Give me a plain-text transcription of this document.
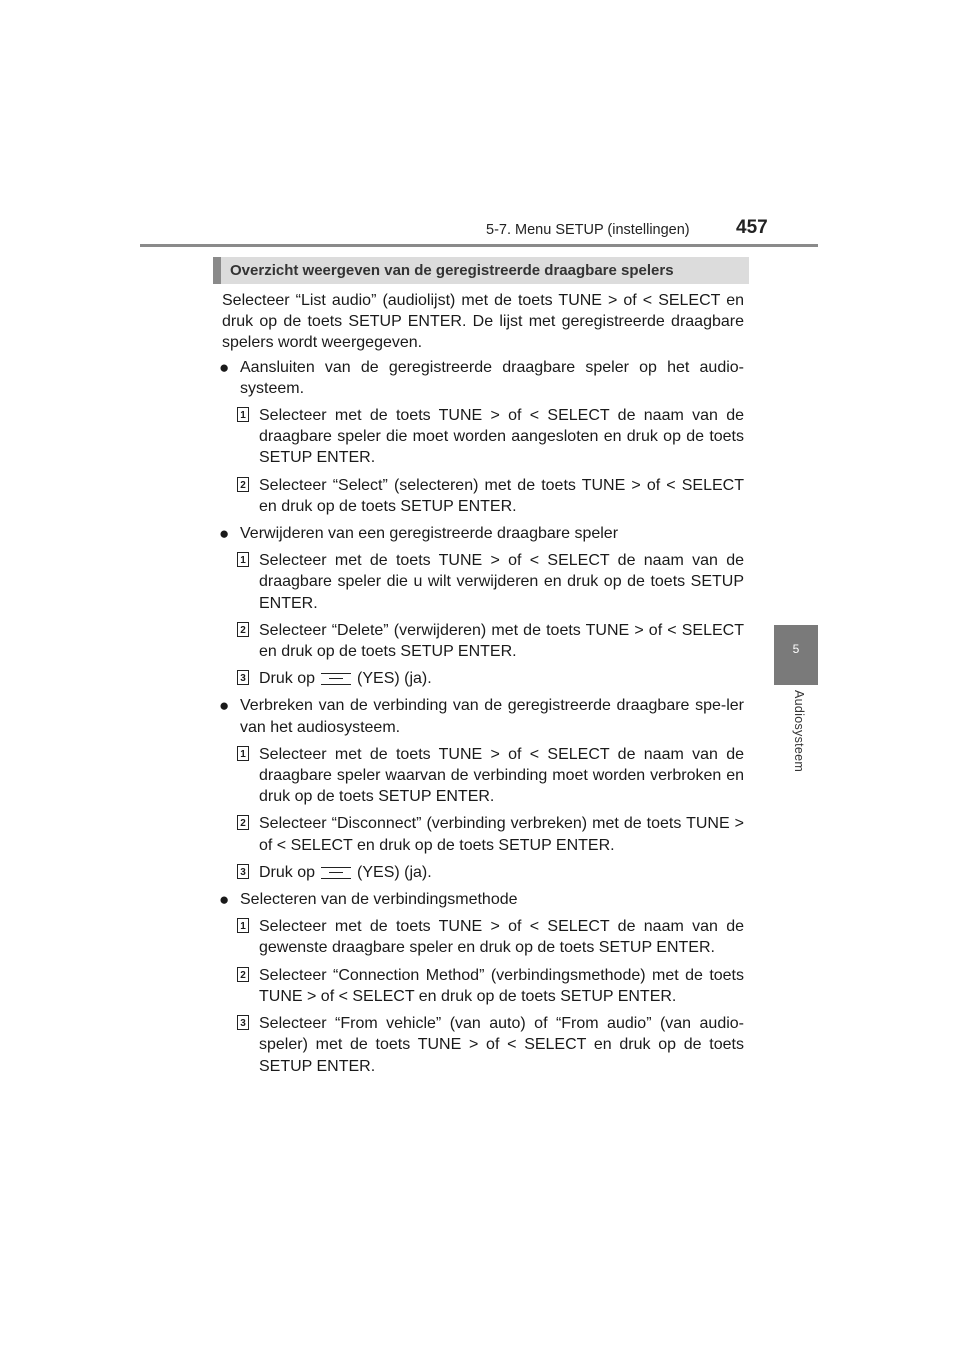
5-7. Menu SETUP (instellingen) 457
5
Audiosysteem
Overzicht weergeven van de geregistreerde draagbare spelers

Selecteer “List audio” (audiolijst) met de toets TUNE > of < SELECT en druk op de toets SETUP ENTER. De lijst met geregistreerde draagbare spelers wordt weergegeven.

● Aansluiten van de geregistreerde draagbare speler op het audio-systeem.
1 Selecteer met de toets TUNE > of < SELECT de naam van de draagbare speler die moet worden aangesloten en druk op de toets SETUP ENTER.
2 Selecteer “Select” (selecteren) met de toets TUNE > of < SELECT en druk op de toets SETUP ENTER.
● Verwijderen van een geregistreerde draagbare speler
1 Selecteer met de toets TUNE > of < SELECT de naam van de draagbare speler die u wilt verwijderen en druk op de toets SETUP ENTER.
2 Selecteer “Delete” (verwijderen) met de toets TUNE > of < SELECT en druk op de toets SETUP ENTER.
3 Druk op	(YES) (ja).
● Verbreken van de verbinding van de geregistreerde draagbare spe-ler van het audiosysteem.
1 Selecteer met de toets TUNE > of < SELECT de naam van de draagbare speler waarvan de verbinding moet worden verbroken en druk op de toets SETUP ENTER.
2 Selecteer “Disconnect” (verbinding verbreken) met de toets TUNE > of < SELECT en druk op de toets SETUP ENTER.
3 Druk op	(YES) (ja).
● Selecteren van de verbindingsmethode
1 Selecteer met de toets TUNE > of < SELECT de naam van de gewenste draagbare speler en druk op de toets SETUP ENTER.
2 Selecteer “Connection Method” (verbindingsmethode) met de toets TUNE > of < SELECT en druk op de toets SETUP ENTER.
3 Selecteer “From vehicle” (van auto) of “From audio” (van audio-speler) met de toets TUNE > of < SELECT en druk op de toets SETUP ENTER.
